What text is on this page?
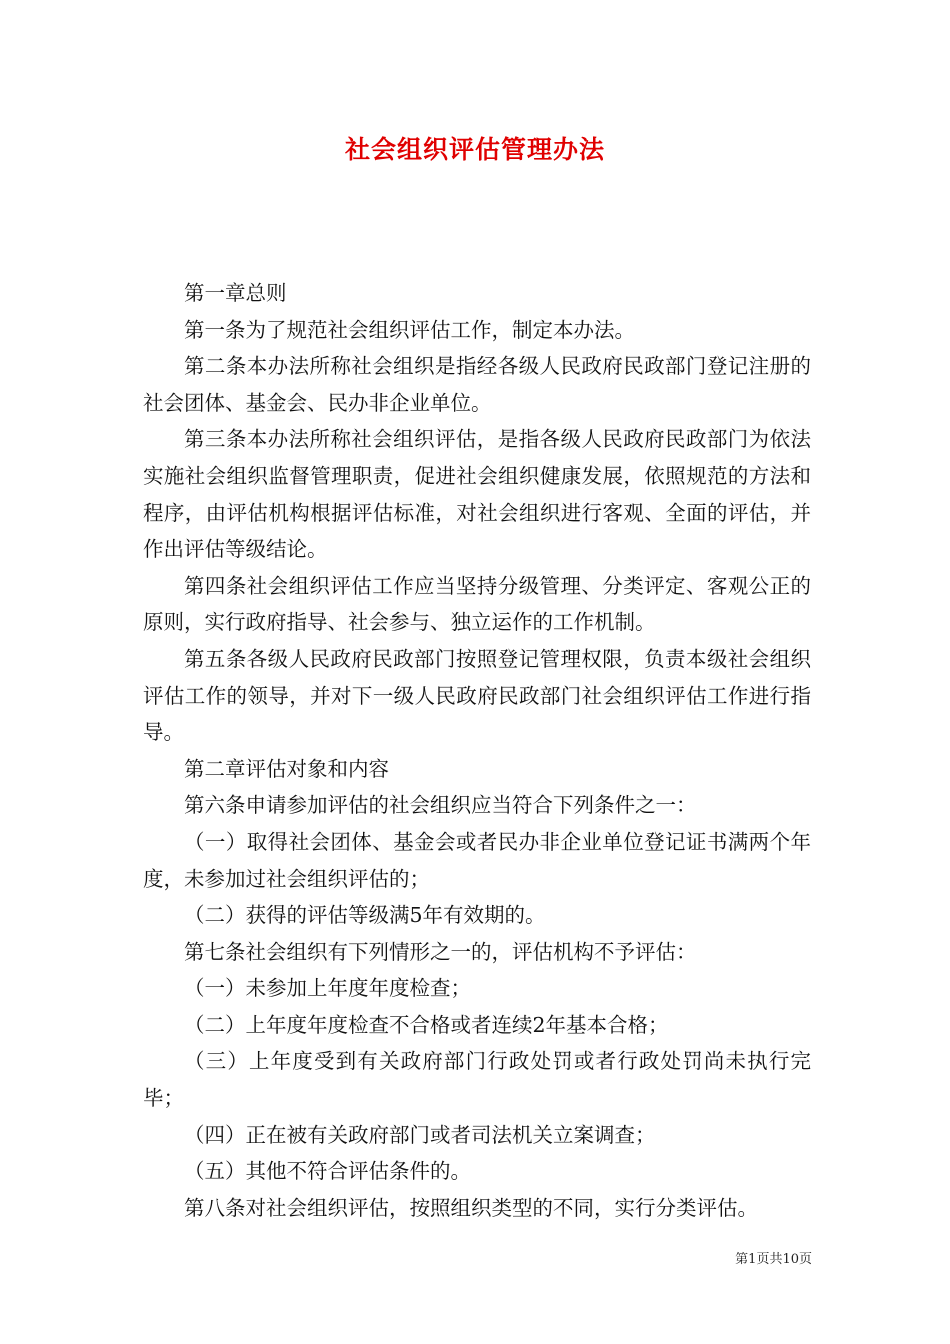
社会组织评估管理办法

第一章总则

第一条为了规范社会组织评估工作，制定本办法。

第二条本办法所称社会组织是指经各级人民政府民政部门登记注册的社会团体、基金会、民办非企业单位。

第三条本办法所称社会组织评估，是指各级人民政府民政部门为依法实施社会组织监督管理职责，促进社会组织健康发展，依照规范的方法和程序，由评估机构根据评估标准，对社会组织进行客观、全面的评估，并作出评估等级结论。

第四条社会组织评估工作应当坚持分级管理、分类评定、客观公正的原则，实行政府指导、社会参与、独立运作的工作机制。

第五条各级人民政府民政部门按照登记管理权限，负责本级社会组织评估工作的领导，并对下一级人民政府民政部门社会组织评估工作进行指导。

第二章评估对象和内容

第六条申请参加评估的社会组织应当符合下列条件之一：

（一）取得社会团体、基金会或者民办非企业单位登记证书满两个年度，未参加过社会组织评估的；

（二）获得的评估等级满5年有效期的。

第七条社会组织有下列情形之一的，评估机构不予评估：

（一）未参加上年度年度检查；

（二）上年度年度检查不合格或者连续2年基本合格；

（三）上年度受到有关政府部门行政处罚或者行政处罚尚未执行完毕；

（四）正在被有关政府部门或者司法机关立案调查；

（五）其他不符合评估条件的。

第八条对社会组织评估，按照组织类型的不同，实行分类评估。

第1页共10页
